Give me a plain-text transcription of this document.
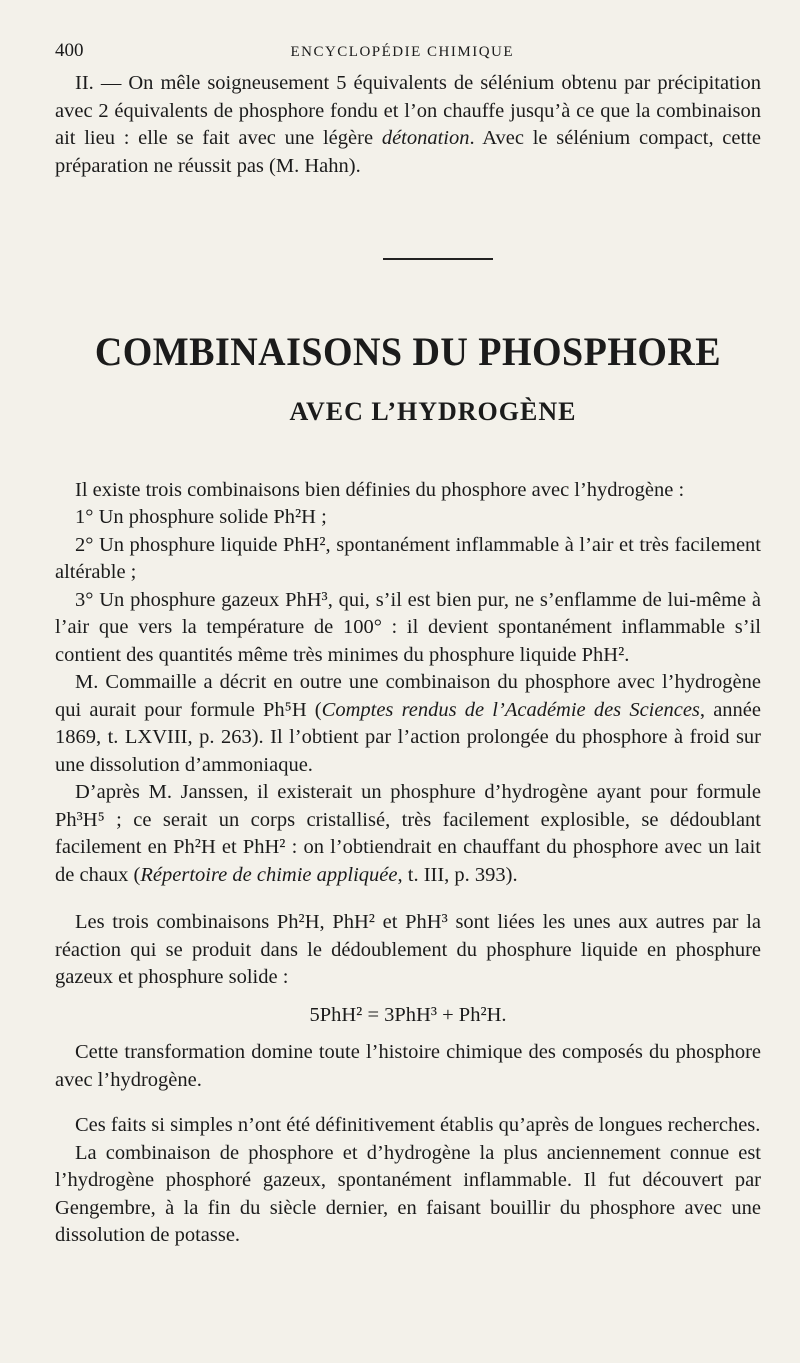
400	ENCYCLOPÉDIE CHIMIQUE

II. — On mêle soigneusement 5 équivalents de sélénium obtenu par précipitation avec 2 équivalents de phosphore fondu et l’on chauffe jusqu’à ce que la combinaison ait lieu : elle se fait avec une légère détonation. Avec le sélénium compact, cette préparation ne réussit pas (M. Hahn).

COMBINAISONS DU PHOSPHORE
AVEC L’HYDROGÈNE

Il existe trois combinaisons bien définies du phosphore avec l’hydrogène :

1° Un phosphure solide Ph²H ;

2° Un phosphure liquide PhH², spontanément inflammable à l’air et très facilement altérable ;

3° Un phosphure gazeux PhH³, qui, s’il est bien pur, ne s’enflamme de lui-même à l’air que vers la température de 100° : il devient spontanément inflammable s’il contient des quantités même très minimes du phosphure liquide PhH².

M. Commaille a décrit en outre une combinaison du phosphore avec l’hydrogène qui aurait pour formule Ph⁵H (Comptes rendus de l’Académie des Sciences, année 1869, t. LXVIII, p. 263). Il l’obtient par l’action prolongée du phosphore à froid sur une dissolution d’ammoniaque.

D’après M. Janssen, il existerait un phosphure d’hydrogène ayant pour formule Ph³H⁵ ; ce serait un corps cristallisé, très facilement explosible, se dédoublant facilement en Ph²H et PhH² : on l’obtiendrait en chauffant du phosphore avec un lait de chaux (Répertoire de chimie appliquée, t. III, p. 393).

Les trois combinaisons Ph²H, PhH² et PhH³ sont liées les unes aux autres par la réaction qui se produit dans le dédoublement du phosphure liquide en phosphure gazeux et phosphure solide :

5PhH² = 3PhH³ + Ph²H.

Cette transformation domine toute l’histoire chimique des composés du phosphore avec l’hydrogène.

Ces faits si simples n’ont été définitivement établis qu’après de longues recherches.

La combinaison de phosphore et d’hydrogène la plus anciennement connue est l’hydrogène phosphoré gazeux, spontanément inflammable. Il fut découvert par Gengembre, à la fin du siècle dernier, en faisant bouillir du phosphore avec une dissolution de potasse.
